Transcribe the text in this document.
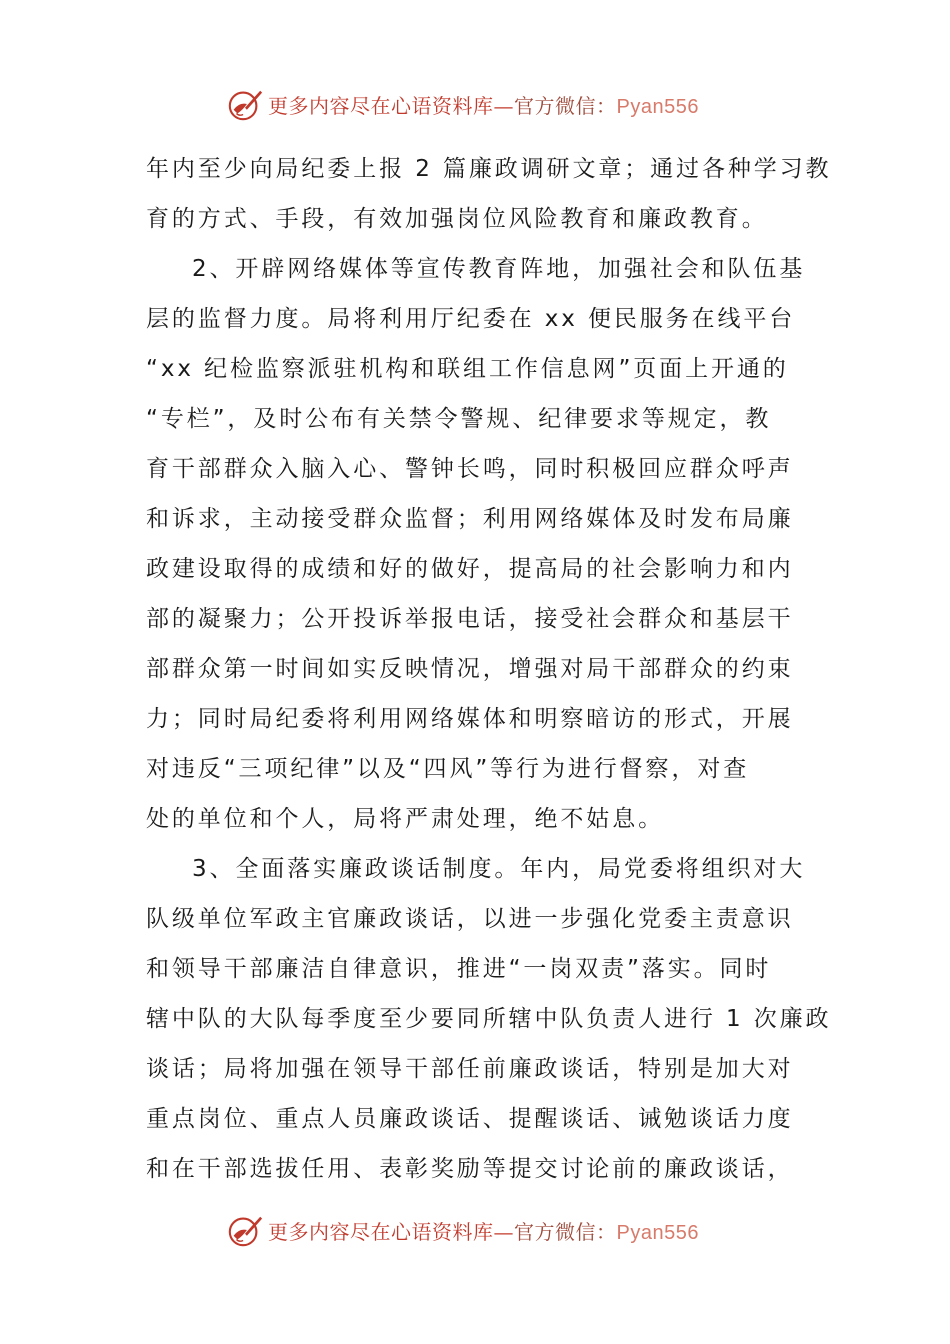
更多内容尽在心语资料库—官方微信：Pyan556
年内至少向局纪委上报 2 篇廉政调研文章；通过各种学习教
育的方式、手段，有效加强岗位风险教育和廉政教育。
2、开辟网络媒体等宣传教育阵地，加强社会和队伍基
层的监督力度。局将利用厅纪委在 xx 便民服务在线平台
“xx 纪检监察派驻机构和联组工作信息网”页面上开通的
“专栏”，及时公布有关禁令警规、纪律要求等规定，教
育干部群众入脑入心、警钟长鸣，同时积极回应群众呼声
和诉求，主动接受群众监督；利用网络媒体及时发布局廉
政建设取得的成绩和好的做好，提高局的社会影响力和内
部的凝聚力；公开投诉举报电话，接受社会群众和基层干
部群众第一时间如实反映情况，增强对局干部群众的约束
力；同时局纪委将利用网络媒体和明察暗访的形式，开展
对违反“三项纪律”以及“四风”等行为进行督察，对查
处的单位和个人，局将严肃处理，绝不姑息。
3、全面落实廉政谈话制度。年内，局党委将组织对大
队级单位军政主官廉政谈话，以进一步强化党委主责意识
和领导干部廉洁自律意识，推进“一岗双责”落实。同时
辖中队的大队每季度至少要同所辖中队负责人进行 1 次廉政
谈话；局将加强在领导干部任前廉政谈话，特别是加大对
重点岗位、重点人员廉政谈话、提醒谈话、诫勉谈话力度
和在干部选拔任用、表彰奖励等提交讨论前的廉政谈话，
更多内容尽在心语资料库—官方微信：Pyan556
